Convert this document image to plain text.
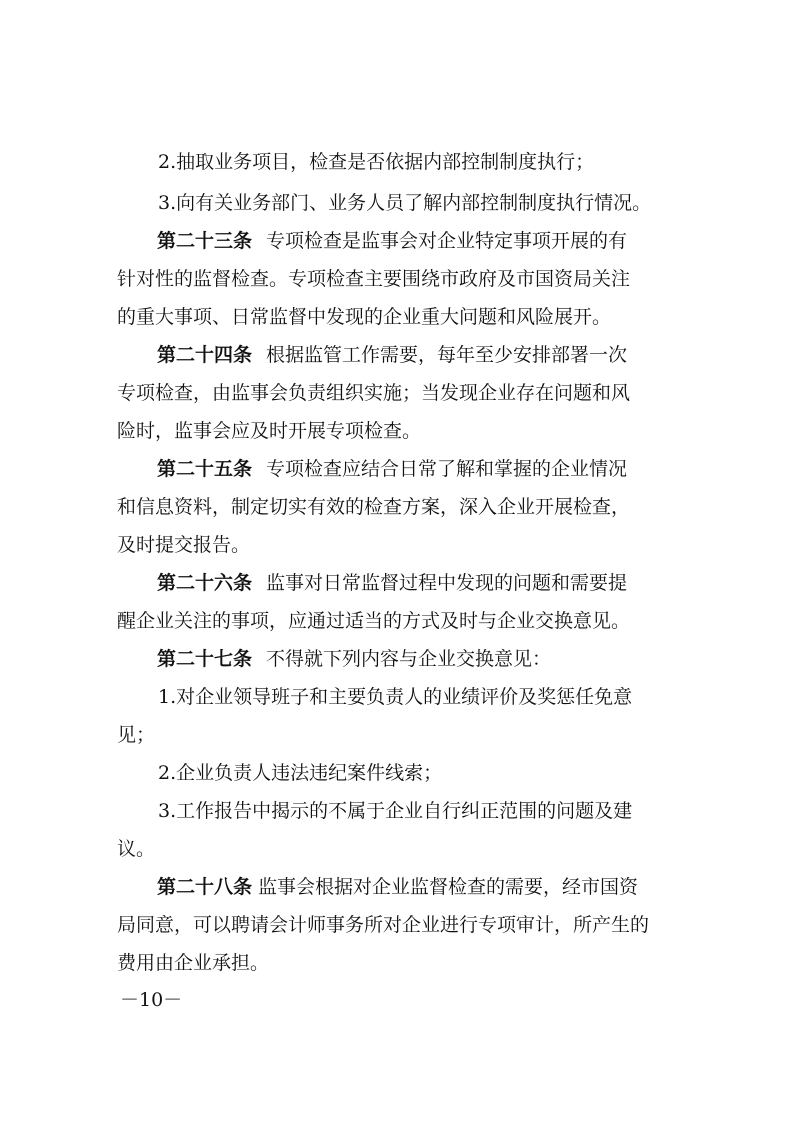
2.抽取业务项目，检查是否依据内部控制制度执行；
3.向有关业务部门、业务人员了解内部控制制度执行情况。
第二十三条 专项检查是监事会对企业特定事项开展的有
针对性的监督检查。专项检查主要围绕市政府及市国资局关注
的重大事项、日常监督中发现的企业重大问题和风险展开。
第二十四条 根据监管工作需要，每年至少安排部署一次
专项检查，由监事会负责组织实施；当发现企业存在问题和风
险时，监事会应及时开展专项检查。
第二十五条 专项检查应结合日常了解和掌握的企业情况
和信息资料，制定切实有效的检查方案，深入企业开展检查，
及时提交报告。
第二十六条 监事对日常监督过程中发现的问题和需要提
醒企业关注的事项，应通过适当的方式及时与企业交换意见。
第二十七条 不得就下列内容与企业交换意见：
1.对企业领导班子和主要负责人的业绩评价及奖惩任免意
见；
2.企业负责人违法违纪案件线索；
3.工作报告中揭示的不属于企业自行纠正范围的问题及建
议。
第二十八条 监事会根据对企业监督检查的需要，经市国资
局同意，可以聘请会计师事务所对企业进行专项审计，所产生的
费用由企业承担。
－10－
